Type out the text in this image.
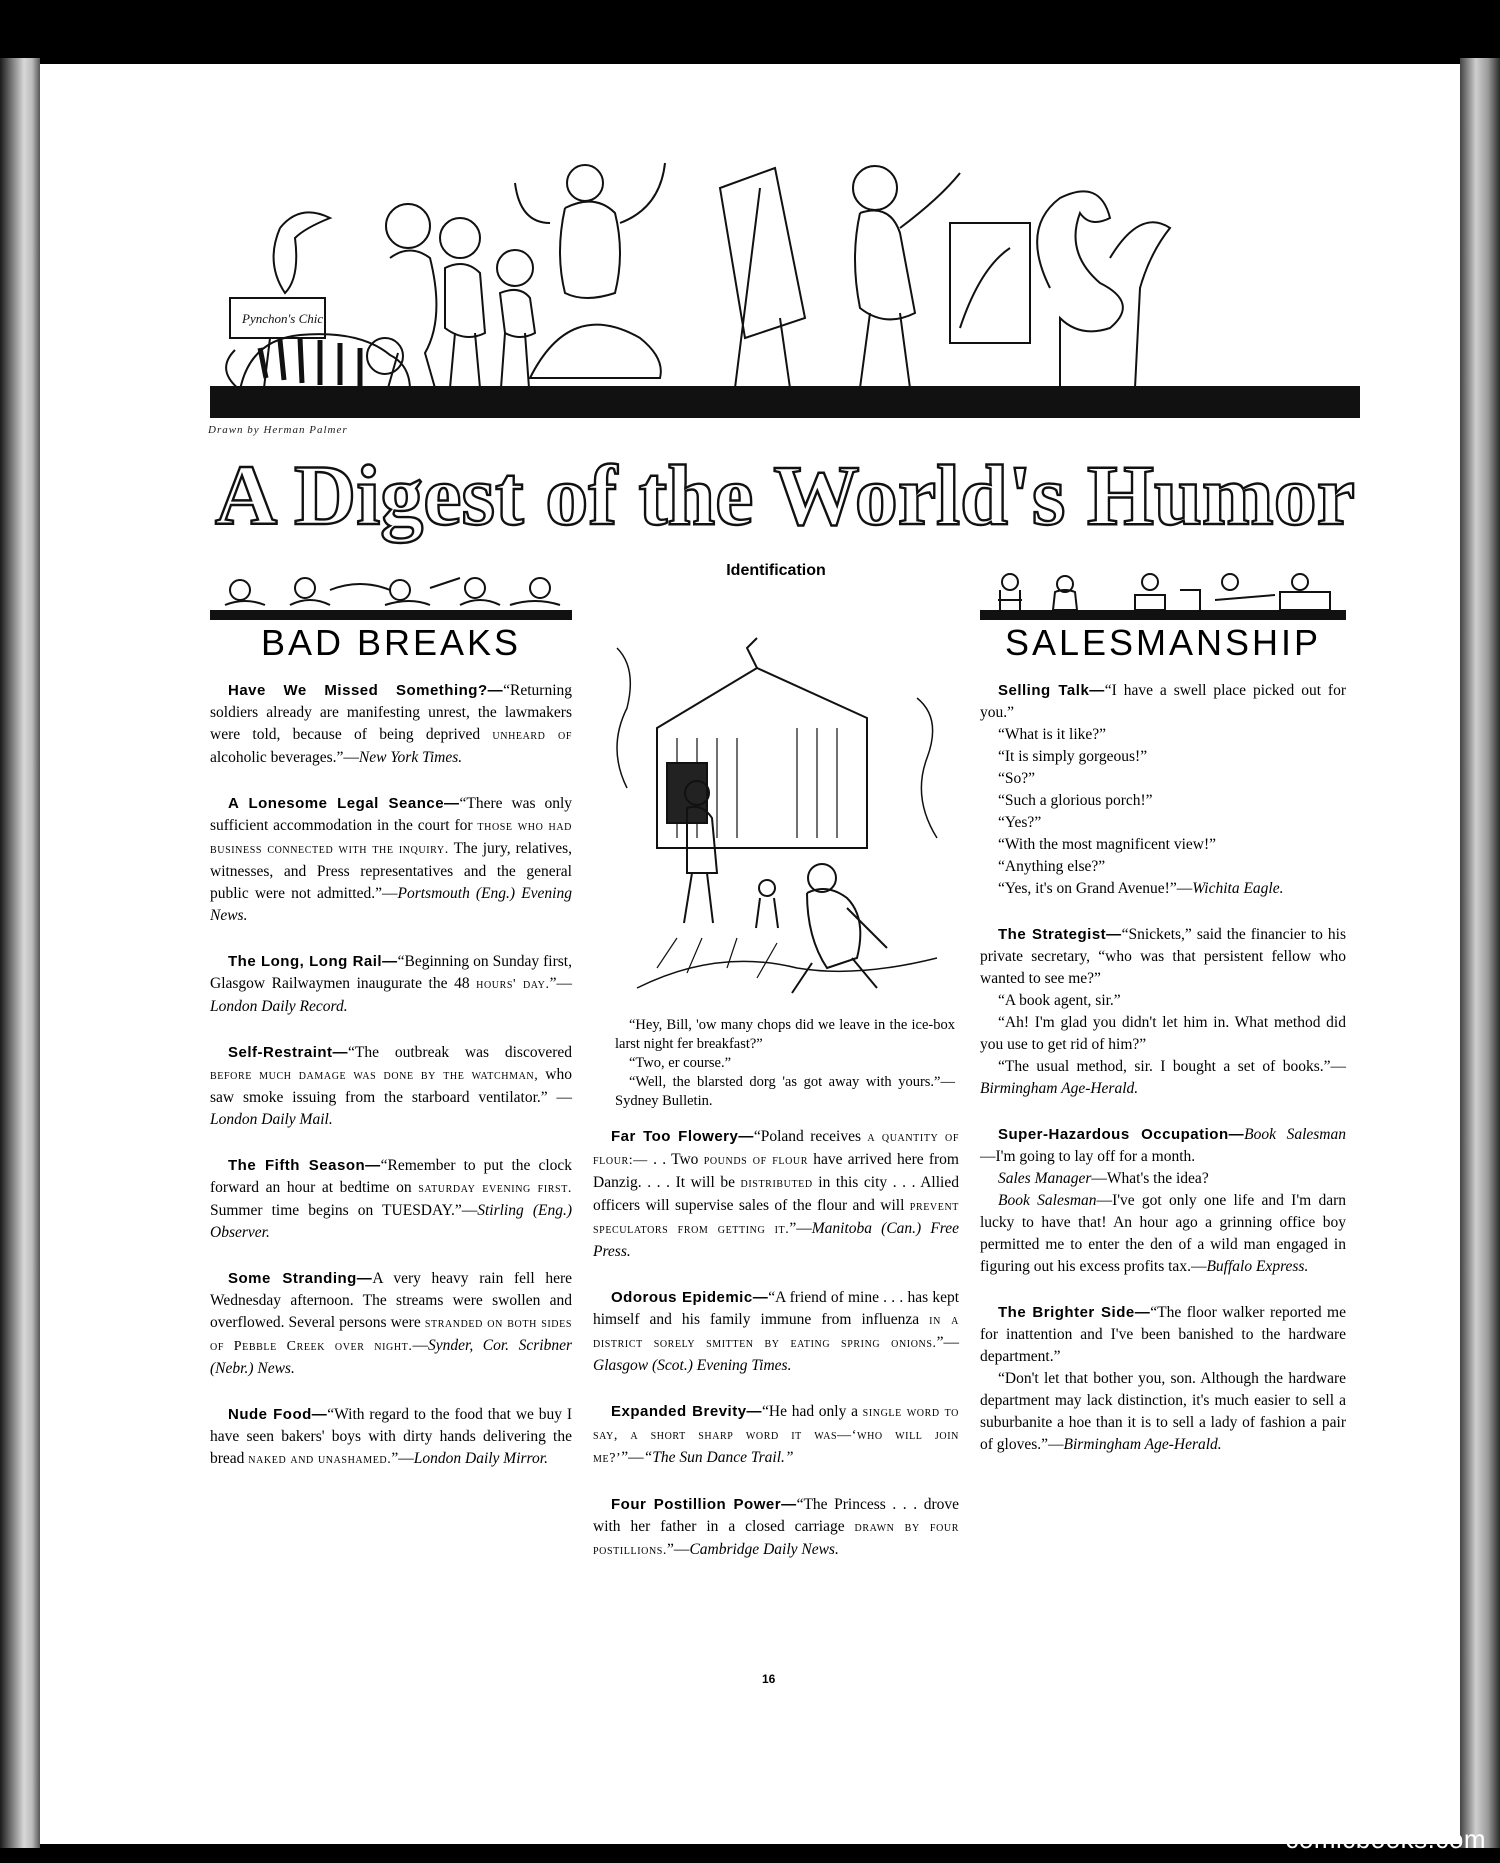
Pynchon's Chic

Drawn by Herman Palmer

A Digest of the World's Humor
BAD BREAKS

Have We Missed Something?—“Returning soldiers already are manifesting unrest, the lawmakers were told, because of being deprived unheard of alcoholic beverages.”—New York Times.

A Lonesome Legal Seance—“There was only sufficient accommodation in the court for those who had business connected with the inquiry. The jury, relatives, witnesses, and Press representatives and the general public were not admitted.”—Portsmouth (Eng.) Evening News.

The Long, Long Rail—“Beginning on Sunday first, Glasgow Railwaymen inaugurate the 48 hours' day.”—London Daily Record.

Self-Restraint—“The outbreak was discovered before much damage was done by the watchman, who saw smoke issuing from the starboard ventilator.” —London Daily Mail.

The Fifth Season—“Remember to put the clock forward an hour at bedtime on saturday evening first. Summer time begins on TUESDAY.”—Stirling (Eng.) Observer.

Some Stranding—A very heavy rain fell here Wednesday afternoon. The streams were swollen and overflowed. Several persons were stranded on both sides of Pebble Creek over night.—Synder, Cor. Scribner (Nebr.) News.

Nude Food—“With regard to the food that we buy I have seen bakers' boys with dirty hands delivering the bread naked and unashamed.”—London Daily Mirror.

Identification

“Hey, Bill, 'ow many chops did we leave in the ice-box larst night fer breakfast?”

“Two, er course.”

“Well, the blarsted dorg 'as got away with yours.”—Sydney Bulletin.

Far Too Flowery—“Poland receives a quantity of flour:— . . Two pounds of flour have arrived here from Danzig. . . . It will be distributed in this city . . . Allied officers will supervise sales of the flour and will prevent speculators from getting it.”—Manitoba (Can.) Free Press.

Odorous Epidemic—“A friend of mine . . . has kept himself and his family immune from influenza in a district sorely smitten by eating spring onions.”—Glasgow (Scot.) Evening Times.

Expanded Brevity—“He had only a single word to say, a short sharp word it was—‘who will join me?’”—“The Sun Dance Trail.”

Four Postillion Power—“The Princess . . . drove with her father in a closed carriage drawn by four postillions.”—Cambridge Daily News.

SALESMANSHIP

Selling Talk—“I have a swell place picked out for you.”

“What is it like?”

“It is simply gorgeous!”

“So?”

“Such a glorious porch!”

“Yes?”

“With the most magnificent view!”

“Anything else?”

“Yes, it's on Grand Avenue!”—Wichita Eagle.

The Strategist—“Snickets,” said the financier to his private secretary, “who was that persistent fellow who wanted to see me?”

“A book agent, sir.”

“Ah! I'm glad you didn't let him in. What method did you use to get rid of him?”

“The usual method, sir. I bought a set of books.”—Birmingham Age-Herald.

Super-Hazardous Occupation—Book Salesman—I'm going to lay off for a month.

Sales Manager—What's the idea?

Book Salesman—I've got only one life and I'm darn lucky to have that! An hour ago a grinning office boy permitted me to enter the den of a wild man engaged in figuring out his excess profits tax.—Buffalo Express.

The Brighter Side—“The floor walker reported me for inattention and I've been banished to the hardware department.”

“Don't let that bother you, son. Although the hardware department may lack distinction, it's much easier to sell a suburbanite a hoe than it is to sell a lady of fashion a pair of gloves.”—Birmingham Age-Herald.

16

comicbooks.com
